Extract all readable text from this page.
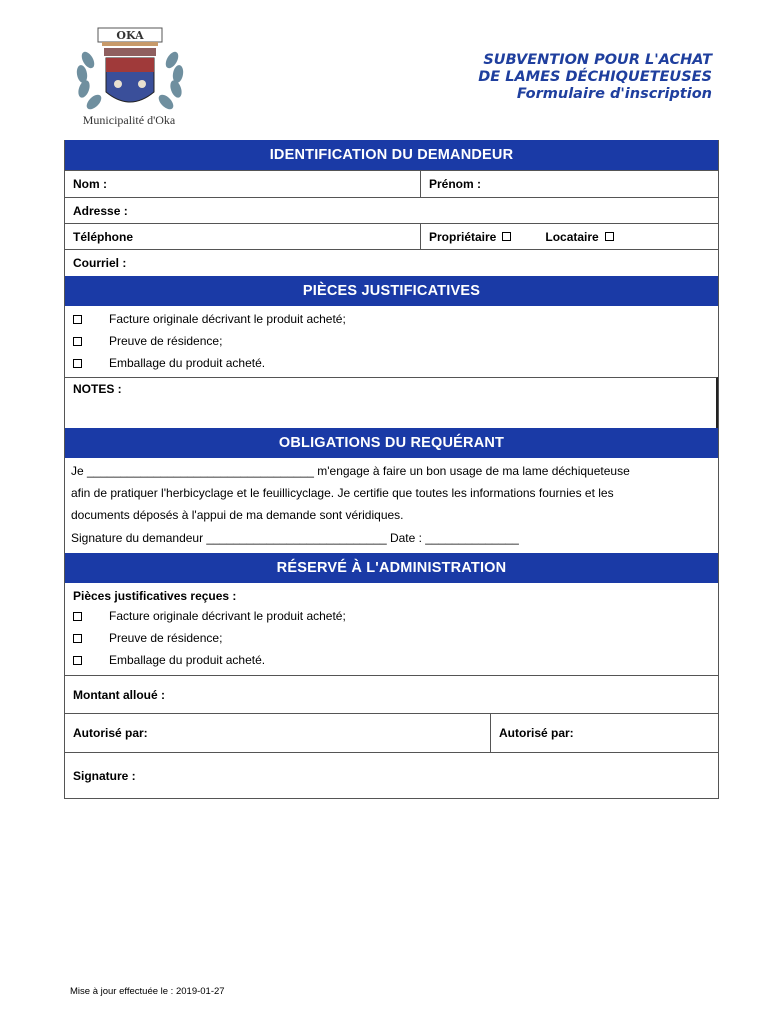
OKA
Municipalité d'Oka
SUBVENTION POUR L'ACHAT
DE LAMES DÉCHIQUETEUSES
Formulaire d'inscription
IDENTIFICATION DU DEMANDEUR
Nom :	Prénom :
Adresse :
Téléphone	Propriétaire	Locataire
Courriel :
PIÈCES JUSTIFICATIVES
Facture originale décrivant le produit acheté;
Preuve de résidence;
Emballage du produit acheté.
NOTES :
OBLIGATIONS DU REQUÉRANT
Je __________________________________ m'engage à faire un bon usage de ma lame déchiqueteuse
afin de pratiquer l'herbicyclage et le feuillicyclage. Je certifie que toutes les informations fournies et les
documents déposés à l'appui de ma demande sont véridiques.
Signature du demandeur ___________________________ Date : ______________
RÉSERVÉ À L'ADMINISTRATION
Pièces justificatives reçues :
Facture originale décrivant le produit acheté;
Preuve de résidence;
Emballage du produit acheté.
Montant alloué :
Autorisé par:	Autorisé par:
Signature :
Mise à jour effectuée le : 2019-01-27
